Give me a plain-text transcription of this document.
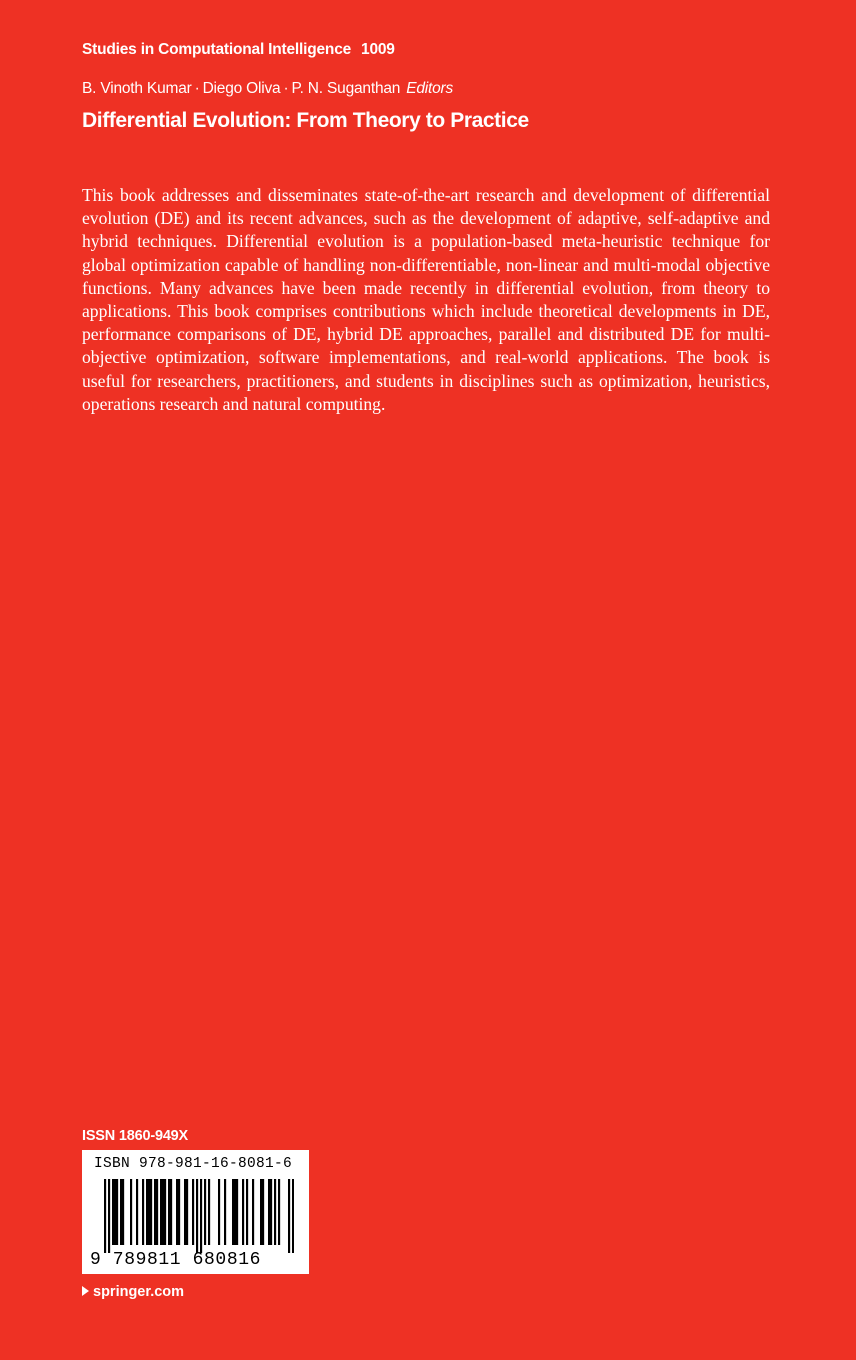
Studies in Computational Intelligence 1009
B. Vinoth Kumar · Diego Oliva · P. N. Suganthan Editors
Differential Evolution: From Theory to Practice

This book addresses and disseminates state-of-the-art research and development of differential evolution (DE) and its recent advances, such as the development of adaptive, self-adaptive and hybrid techniques. Differential evolution is a population-based meta-heuristic technique for global optimization capable of handling non-differentiable, non-linear and multi-modal objective functions. Many advances have been made recently in differential evolution, from theory to applications. This book comprises contributions which include theoretical developments in DE, performance comparisons of DE, hybrid DE approaches, parallel and distributed DE for multi-objective optimization, software implementations, and real-world applications. The book is useful for researchers, practitioners, and students in disciplines such as optimization, heuristics, operations research and natural computing.

ISSN 1860-949X
ISBN 978-981-16-8081-6
9 789811 680816
springer.com
